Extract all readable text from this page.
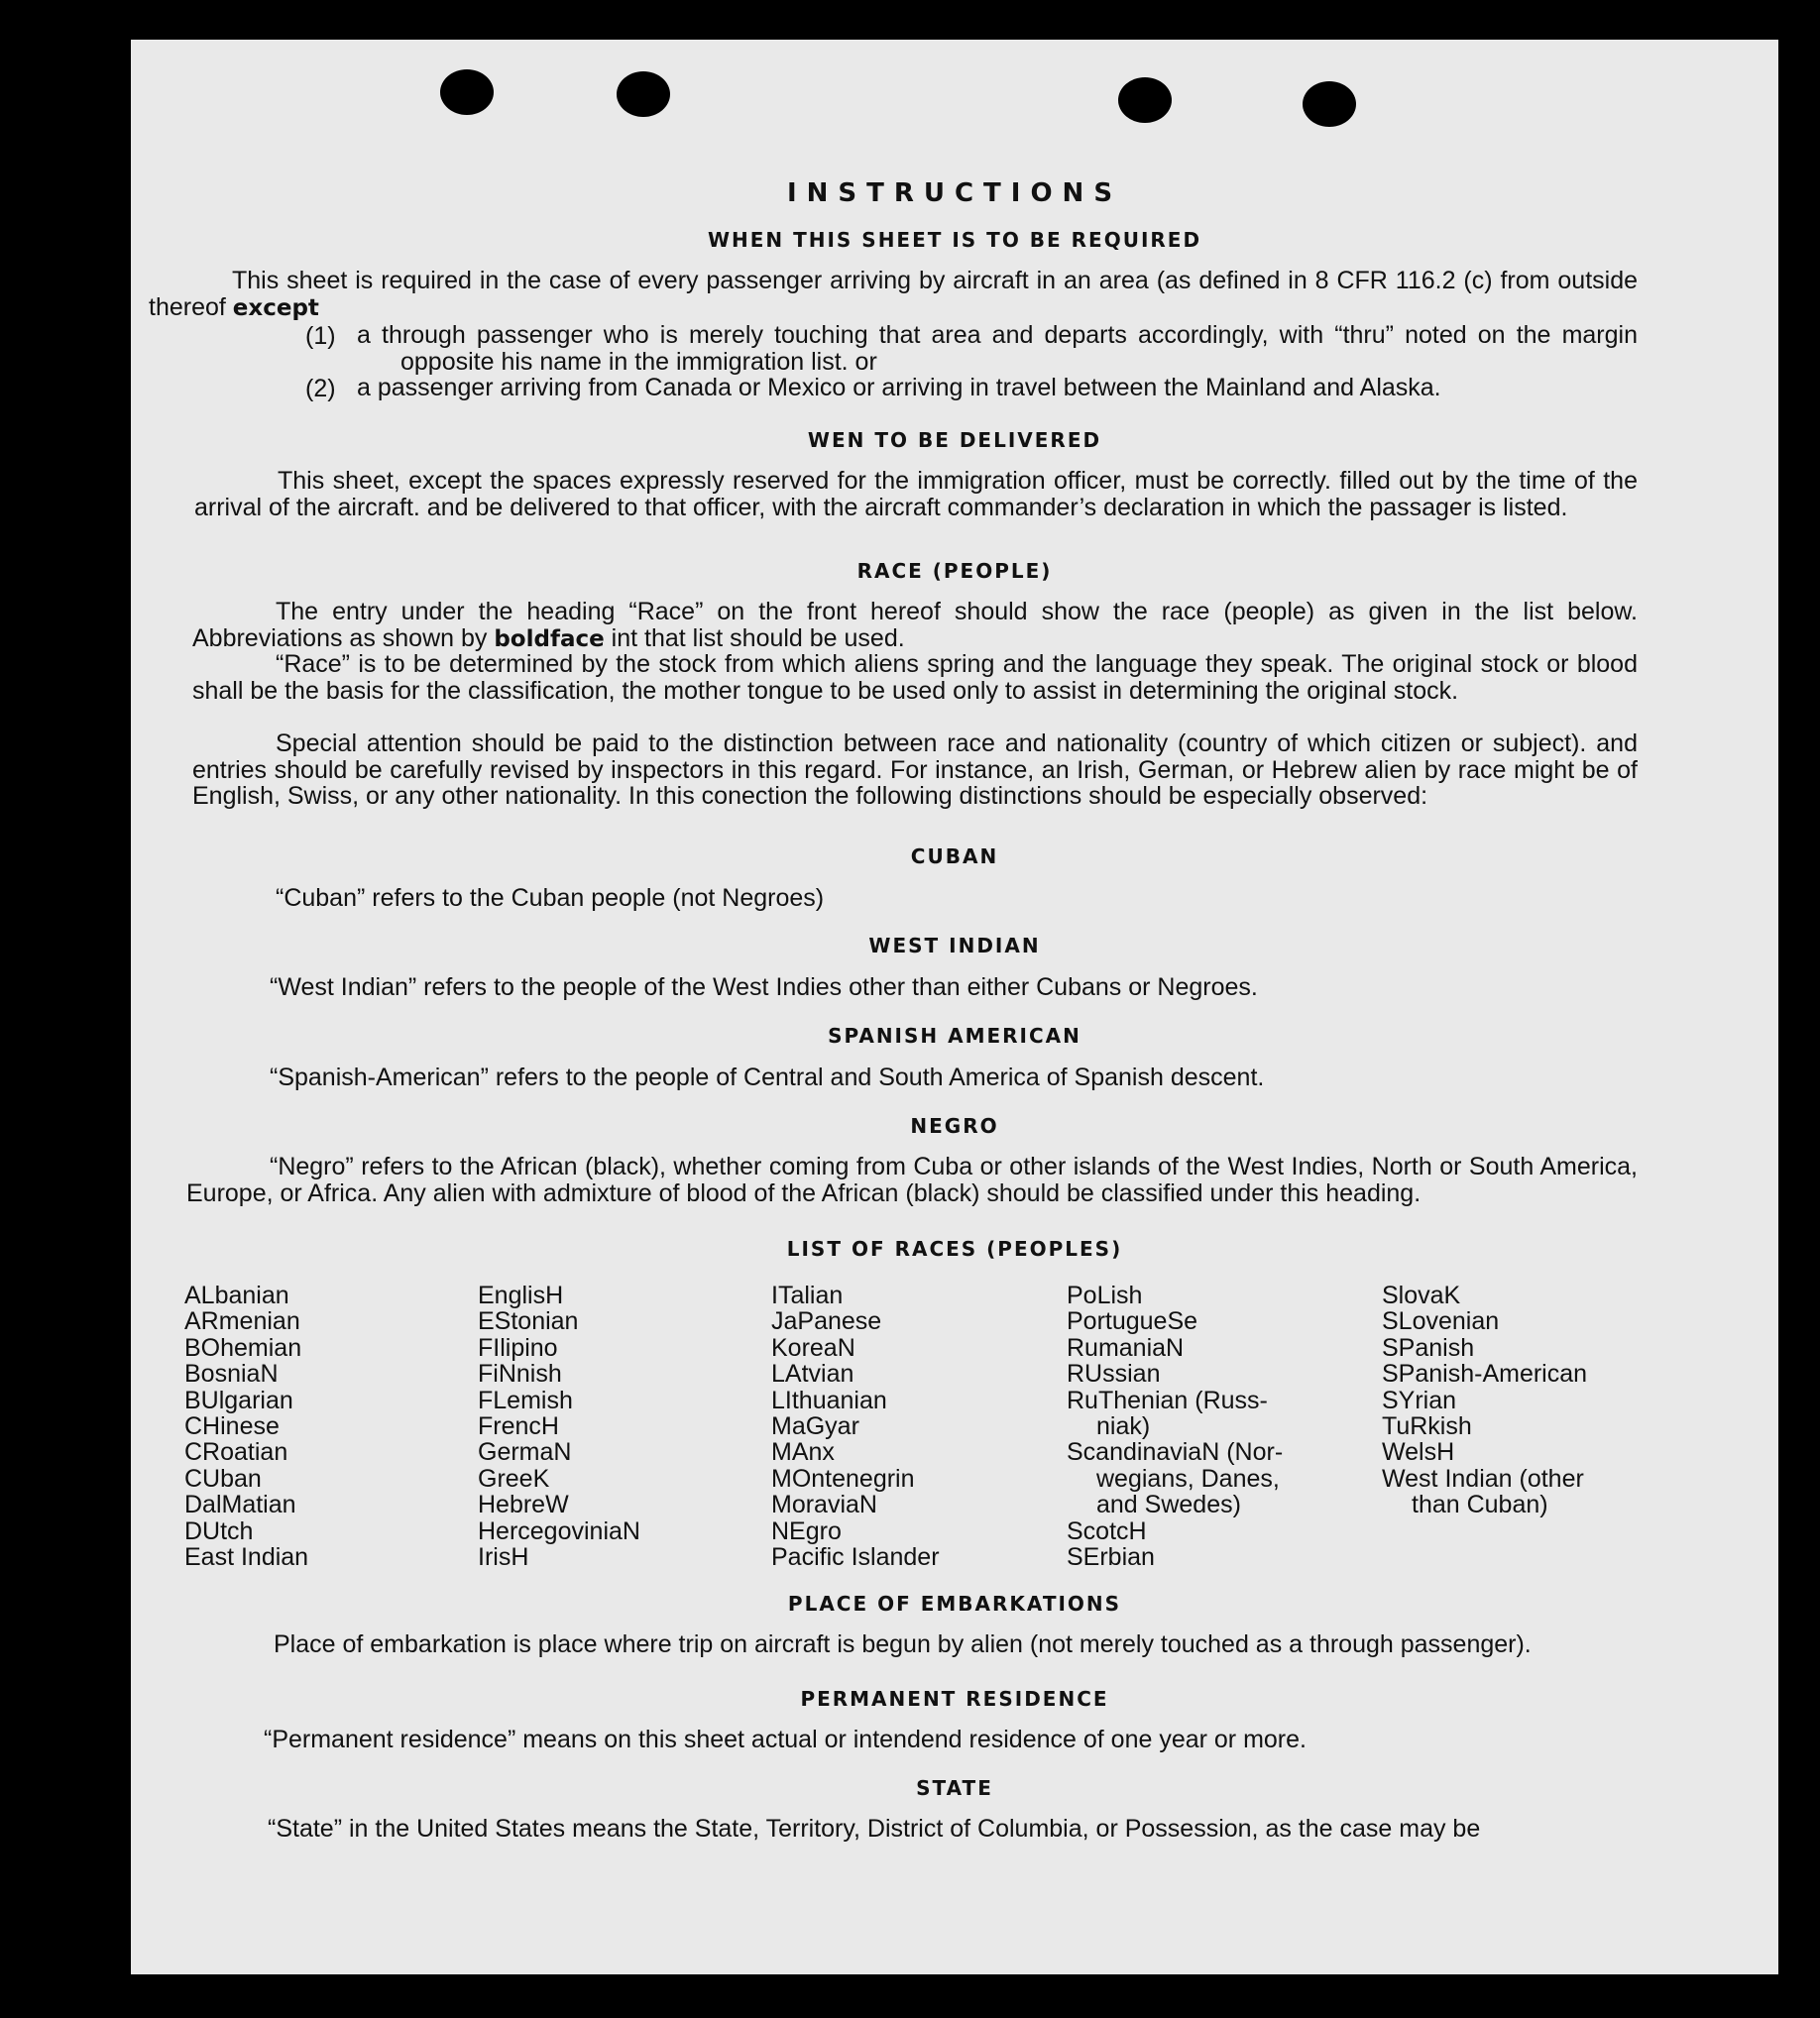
INSTRUCTIONS
WHEN THIS SHEET IS TO BE REQUIRED
This sheet is required in the case of every passenger arriving by aircraft in an area (as defined in 8 CFR 116.2 (c) from outside thereof except
(1) a through passenger who is merely touching that area and departs accordingly, with “thru” noted on the margin opposite his name in the immigration list. or
(2) a passenger arriving from Canada or Mexico or arriving in travel between the Mainland and Alaska.
WEN TO BE DELIVERED
This sheet, except the spaces expressly reserved for the immigration officer, must be correctly. filled out by the time of the arrival of the aircraft. and be delivered to that officer, with the aircraft commander’s declaration in which the passager is listed.
RACE (PEOPLE)
The entry under the heading “Race” on the front hereof should show the race (people) as given in the list below. Abbreviations as shown by boldface int that list should be used.
“Race” is to be determined by the stock from which aliens spring and the language they speak. The original stock or blood shall be the basis for the classification, the mother tongue to be used only to assist in determining the original stock.
Special attention should be paid to the distinction between race and nationality (country of which citizen or subject). and entries should be carefully revised by inspectors in this regard. For instance, an Irish, German, or Hebrew alien by race might be of English, Swiss, or any other nationality. In this conection the following distinctions should be especially observed:
CUBAN
“Cuban” refers to the Cuban people (not Negroes)
WEST INDIAN
“West Indian” refers to the people of the West Indies other than either Cubans or Negroes.
SPANISH AMERICAN
“Spanish-American” refers to the people of Central and South America of Spanish descent.
NEGRO
“Negro” refers to the African (black), whether coming from Cuba or other islands of the West Indies, North or South America, Europe, or Africa. Any alien with admixture of blood of the African (black) should be classified under this heading.
LIST OF RACES (PEOPLES)
ALbanian
ARmenian
BOhemian
BosniaN
BUlgarian
CHinese
CRoatian
CUban
DalMatian
DUtch
East Indian
EnglisH
EStonian
FIlipino
FiNnish
FLemish
FrencH
GermaN
GreeK
HebreW
HercegoviniaN
IrisH
ITalian
JaPanese
KoreaN
LAtvian
LIthuanian
MaGyar
MAnx
MOntenegrin
MoraviaN
NEgro
Pacific Islander
PoLish
PortugueSe
RumaniaN
RUssian
RuThenian (Russ-
niak)
ScandinaviaN (Nor-
wegians, Danes,
and Swedes)
ScotcH
SErbian
SlovaK
SLovenian
SPanish
SPanish-American
SYrian
TuRkish
WelsH
West Indian (other
than Cuban)
PLACE OF EMBARKATIONS
Place of embarkation is place where trip on aircraft is begun by alien (not merely touched as a through passenger).
PERMANENT RESIDENCE
“Permanent residence” means on this sheet actual or intendend residence of one year or more.
STATE
“State” in the United States means the State, Territory, District of Columbia, or Possession, as the case may be
